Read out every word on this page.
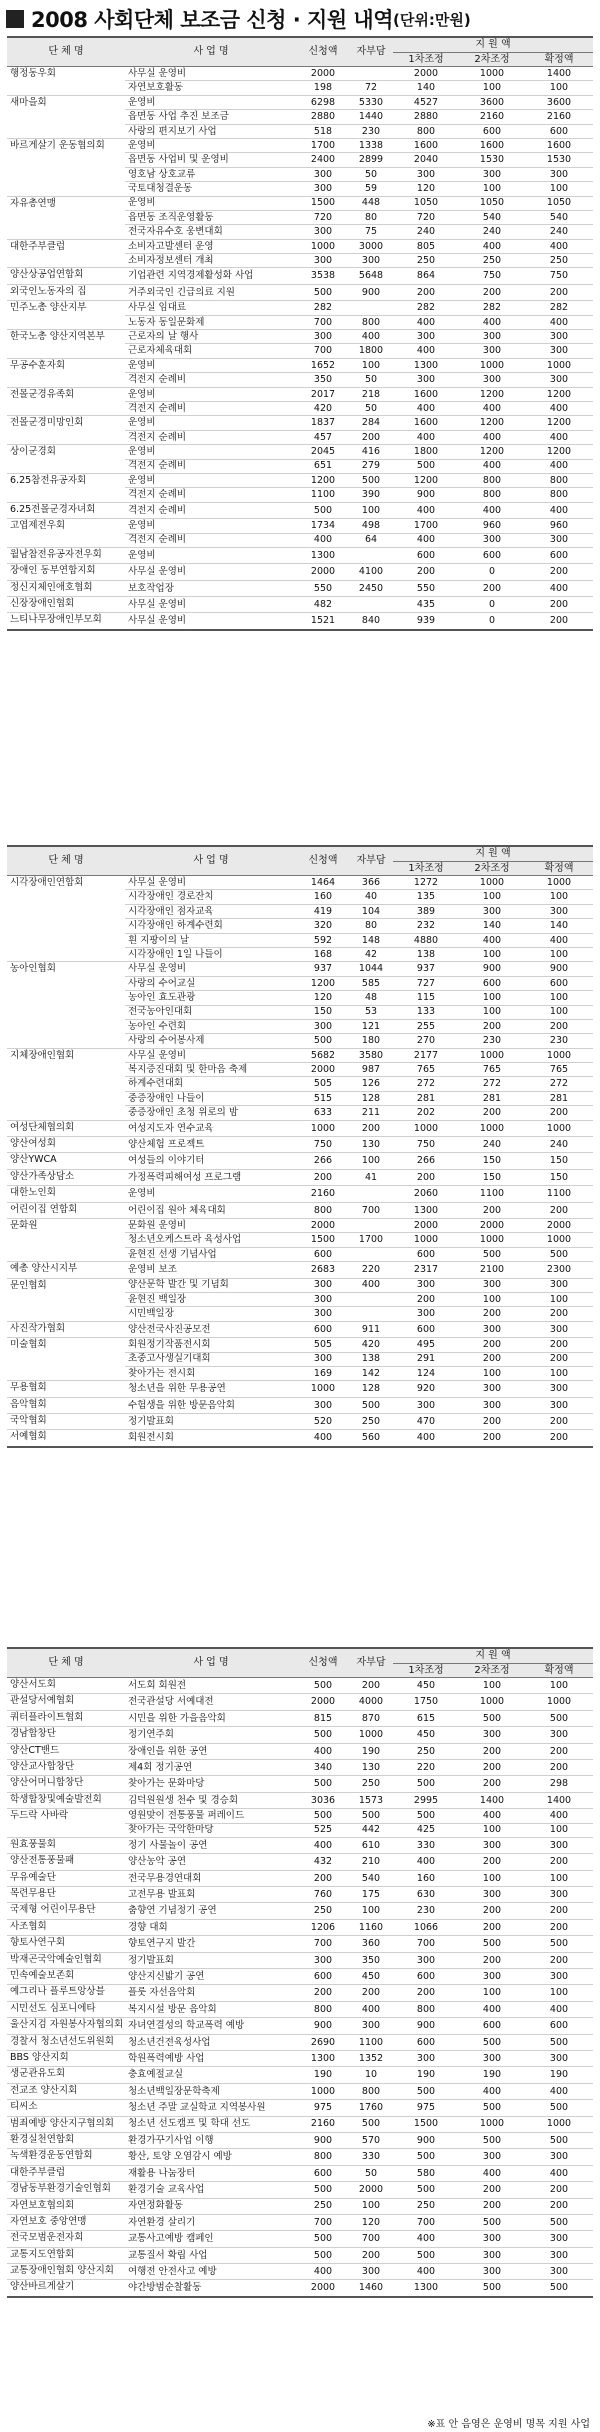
2008 사회단체 보조금 신청 · 지원 내역 (단위:만원)
단 체 명	사 업 명	신청액	자부담	지 원 액		
				1차조정	2차조정	확정액
행정동우회	사무실 운영비	2000		2000	1000	1400
	자연보호활동	198	72	140	100	100
새마을회	운영비	6298	5330	4527	3600	3600
	읍면동 사업 추진 보조금	2880	1440	2880	2160	2160
	사랑의 편지보기 사업	518	230	800	600	600
바르게살기 운동협의회	운영비	1700	1338	1600	1600	1600
	읍면동 사업비 및 운영비	2400	2899	2040	1530	1530
	영호남 상호교류	300	50	300	300	300
	국토대청결운동	300	59	120	100	100
자유총연맹	운영비	1500	448	1050	1050	1050
	읍면동 조직운영활동	720	80	720	540	540
	전국자유수호 웅변대회	300	75	240	240	240
대한주부클럽	소비자고발센터 운영	1000	3000	805	400	400
	소비자정보센터 개최	300	300	250	250	250
양산상공업연합회	기업관련 지역경제활성화 사업	3538	5648	864	750	750
외국인노동자의 집	거주외국인 긴급의료 지원	500	900	200	200	200
민주노총 양산지부	사무실 임대료	282		282	282	282
	노동자 동일문화제	700	800	400	400	400
한국노총 양산지역본부	근로자의 날 행사	300	400	300	300	300
	근로자체육대회	700	1800	400	300	300
무공수훈자회	운영비	1652	100	1300	1000	1000
	격전지 순례비	350	50	300	300	300
전몰군경유족회	운영비	2017	218	1600	1200	1200
	격전지 순례비	420	50	400	400	400
전몰군경미망인회	운영비	1837	284	1600	1200	1200
	격전지 순례비	457	200	400	400	400
상이군경회	운영비	2045	416	1800	1200	1200
	격전지 순례비	651	279	500	400	400
6.25참전유공자회	운영비	1200	500	1200	800	800
	격전지 순례비	1100	390	900	800	800
6.25전몰군경자녀회	격전지 순례비	500	100	400	400	400
고엽제전우회	운영비	1734	498	1700	960	960
	격전지 순례비	400	64	400	300	300
월남참전유공자전우회	운영비	1300		600	600	600
장애인 동부연합지회	사무실 운영비	2000	4100	200	0	200
정신지체인애호협회	보호작업장	550	2450	550	200	400
신장장애인협회	사무실 운영비	482		435	0	200
느티나무장애인부모회	사무실 운영비	1521	840	939	0	200
단 체 명	사 업 명	신청액	자부담	지 원 액		
				1차조정	2차조정	확정액
시각장애인연합회	사무실 운영비	1464	366	1272	1000	1000
	시각장애인 경로잔치	160	40	135	100	100
	시각장애인 점자교육	419	104	389	300	300
	시각장애인 하계수련회	320	80	232	140	140
	흰 지팡이의 날	592	148	4880	400	400
	시각장애인 1일 나들이	168	42	138	100	100
농아인협회	사무실 운영비	937	1044	937	900	900
	사랑의 수어교실	1200	585	727	600	600
	농아인 효도관광	120	48	115	100	100
	전국농아인대회	150	53	133	100	100
	농아인 수련회	300	121	255	200	200
	사랑의 수어봉사제	500	180	270	230	230
지체장애인협회	사무실 운영비	5682	3580	2177	1000	1000
	복지증진대회 및 한마음 축제	2000	987	765	765	765
	하계수련대회	505	126	272	272	272
	중증장애인 나들이	515	128	281	281	281
	중증장애인 초청 위로의 밤	633	211	202	200	200
여성단체협의회	여성지도자 연수교육	1000	200	1000	1000	1000
양산여성회	양산체험 프로젝트	750	130	750	240	240
양산YWCA	여성들의 이야기터	266	100	266	150	150
양산가족상담소	가정폭력피해여성 프로그램	200	41	200	150	150
대한노인회	운영비	2160		2060	1100	1100
어린이집 연합회	어린이집 원아 체육대회	800	700	1300	200	200
문화원	문화원 운영비	2000		2000	2000	2000
	청소년오케스트라 육성사업	1500	1700	1000	1000	1000
	윤현진 선생 기념사업	600		600	500	500
예총 양산시지부	운영비 보조	2683	220	2317	2100	2300
문인협회	양산문학 발간 및 기념회	300	400	300	300	300
	윤현진 백일장	300		200	100	100
	시민백일장	300		300	200	200
사진작가협회	양산전국사진공모전	600	911	600	300	300
미술협회	회원정기작품전시회	505	420	495	200	200
	초중고사생실기대회	300	138	291	200	200
	찾아가는 전시회	169	142	124	100	100
무용협회	청소년을 위한 무용공연	1000	128	920	300	300
음악협회	수험생을 위한 방문음악회	300	500	300	300	300
국악협회	정기발표회	520	250	470	200	200
서예협회	회원전시회	400	560	400	200	200
단 체 명	사 업 명	신청액	자부담	지 원 액		
				1차조정	2차조정	확정액
양산서도회	서도회 회원전	500	200	450	100	100
관설당서예협회	전국관설당 서예대전	2000	4000	1750	1000	1000
쿼터플라이트협회	시민을 위한 가을음악회	815	870	615	500	500
경남합창단	정기연주회	500	1000	450	300	300
양산CT밴드	장애인을 위한 공연	400	190	250	200	200
양산교사합창단	제4회 정기공연	340	130	220	200	200
양산어머니합창단	찾아가는 문화마당	500	250	500	200	298
학생합창및예술발전회	김덕원원생 천수 및 경승회	3036	1573	2995	1400	1400
두드락 사바락	영원맞이 전통풍물 퍼레이드	500	500	500	400	400
	찾아가는 국악한마당	525	442	425	100	100
원효풍물회	정기 사물놀이 공연	400	610	330	300	300
양산전통풍물패	양산농악 공연	432	210	400	200	200
무유예술단	전국무용경연대회	200	540	160	100	100
목련무용단	고전무용 발표회	760	175	630	300	300
국제형 어린이무용단	춤향연 기념정기 공연	250	100	230	200	200
사조협회	경향 대회	1206	1160	1066	200	200
향토사연구회	향토연구지 발간	700	360	700	500	500
박재곤국악예술인협회	정기발표회	300	350	300	200	200
민속예술보존회	양산지신밟기 공연	600	450	600	300	300
예그리나 플루트앙상블	플룻 자선음악회	200	200	200	100	100
시민선도 심포니에타	복지시설 방문 음악회	800	400	800	400	400
울산지검 자원봉사자협의회	자녀연결성의 학교폭력 예방	900	300	900	600	600
경찰서 청소년선도위원회	청소년건전육성사업	2690	1100	600	500	500
BBS 양산지회	학원폭력예방 사업	1300	1352	300	300	300
생군관유도회	충효예절교실	190	10	190	190	190
전교조 양산지회	청소년백일장문학축제	1000	800	500	400	400
티씨소	청소년 주말 교실학교 지역봉사원	975	1760	975	500	500
범죄예방 양산지구협의회	청소년 선도캠프 및 학대 선도	2160	500	1500	1000	1000
환경실천연합회	환경가꾸기사업 이행	900	570	900	500	500
녹색환경운동연합회	황산, 토양 오염감시 예방	800	330	500	300	300
대한주부클럽	재활용 나눔장터	600	50	580	400	400
경남동부환경기술인협회	환경기술 교육사업	500	2000	500	200	200
자연보호협의회	자연정화활동	250	100	250	200	200
자연보호 중앙연맹	자연환경 살리기	700	120	700	500	500
전국모범운전자회	교통사고예방 캠페인	500	700	400	300	300
교통지도연합회	교통질서 확립 사업	500	200	500	300	300
교통장애인협회 양산지회	여행전 안전사고 예방	400	300	400	300	300
양산바르게살기	야간방범순찰활동	2000	1460	1300	500	500
※표 안 음영은 운영비 명목 지원 사업
